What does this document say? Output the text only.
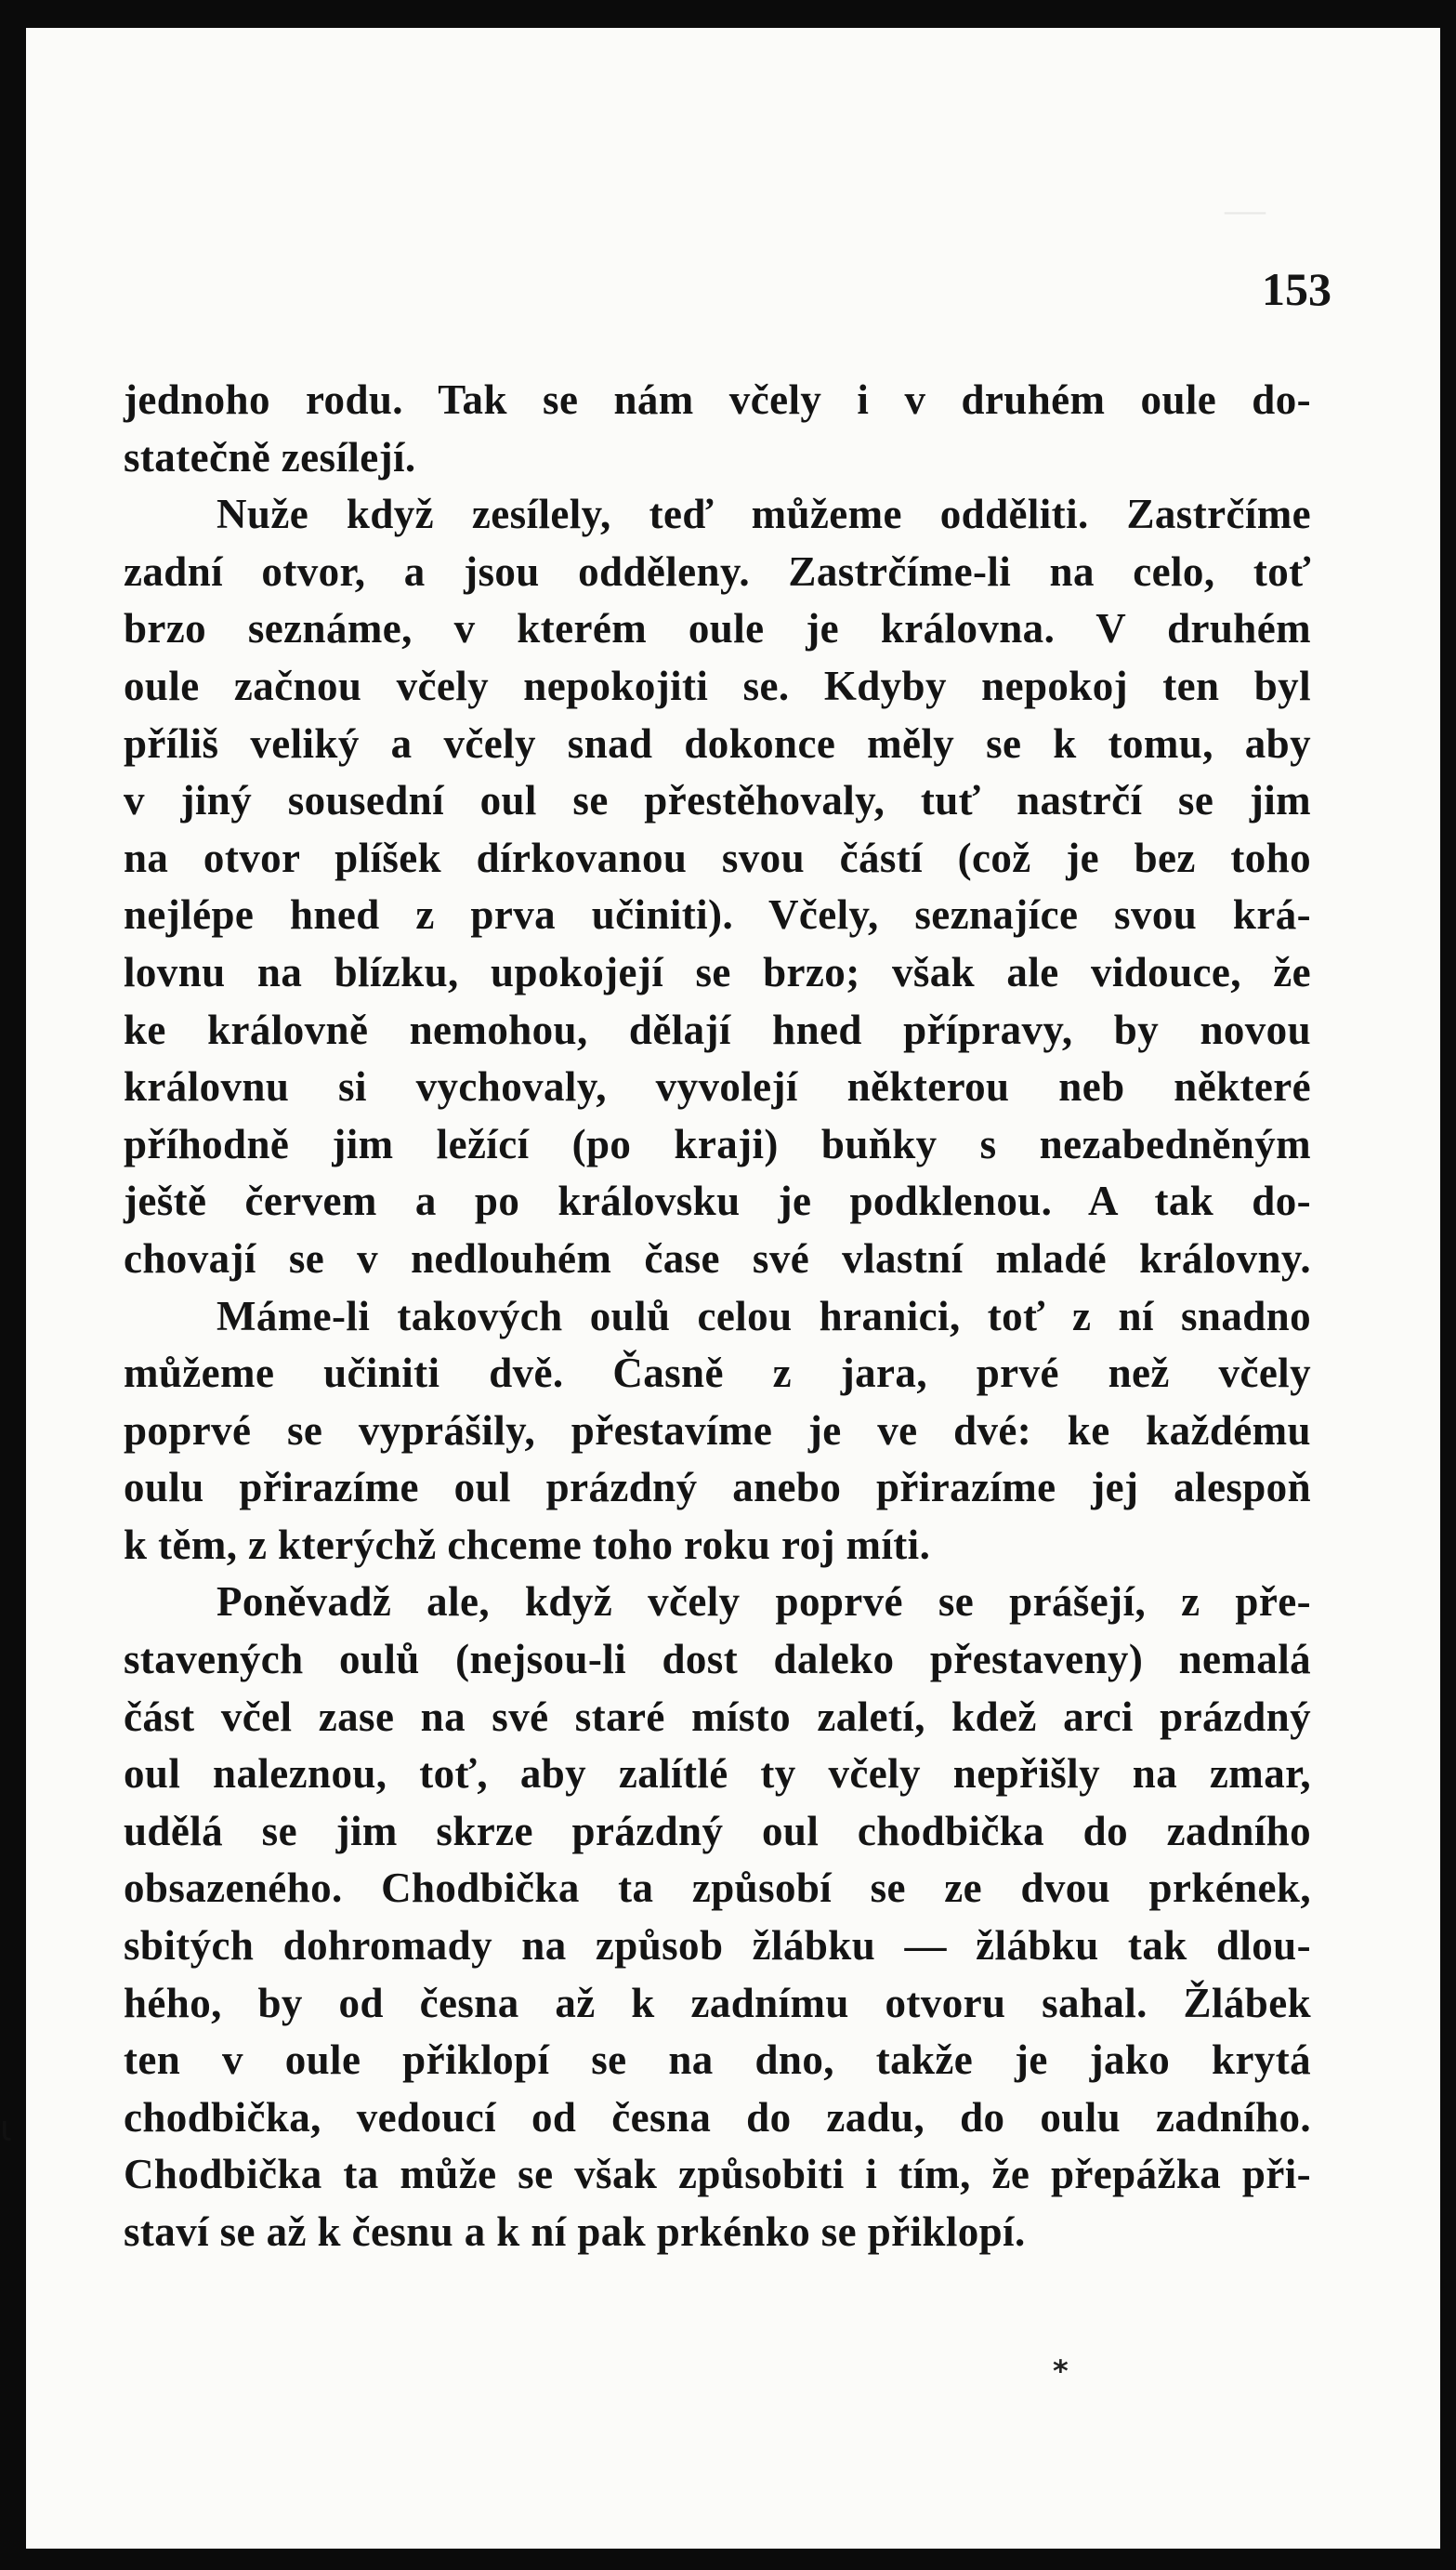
—
153
jednoho rodu. Tak se nám včely i v druhém oule do-
statečně zesílejí.
Nuže když zesílely, teď můžeme odděliti. Zastrčíme
zadní otvor, a jsou odděleny. Zastrčíme-li na celo, toť
brzo seznáme, v kterém oule je královna. V druhém
oule začnou včely nepokojiti se. Kdyby nepokoj ten byl
příliš veliký a včely snad dokonce měly se k tomu, aby
v jiný sousední oul se přestěhovaly, tuť nastrčí se jim
na otvor plíšek dírkovanou svou částí (což je bez toho
nejlépe hned z prva učiniti). Včely, seznajíce svou krá-
lovnu na blízku, upokojejí se brzo; však ale vidouce, že
ke královně nemohou, dělají hned přípravy, by novou
královnu si vychovaly, vyvolejí některou neb některé
příhodně jim ležící (po kraji) buňky s nezabedněným
ještě červem a po královsku je podklenou. A tak do-
chovají se v nedlouhém čase své vlastní mladé královny.
Máme-li takových oulů celou hranici, toť z ní snadno
můžeme učiniti dvě. Časně z jara, prvé než včely
poprvé se vyprášily, přestavíme je ve dvé: ke každému
oulu přirazíme oul prázdný anebo přirazíme jej alespoň
k těm, z kterýchž chceme toho roku roj míti.
Poněvadž ale, když včely poprvé se prášejí, z pře-
stavených oulů (nejsou-li dost daleko přestaveny) nemalá
část včel zase na své staré místo zaletí, kdež arci prázdný
oul naleznou, toť, aby zalítlé ty včely nepřišly na zmar,
udělá se jim skrze prázdný oul chodbička do zadního
obsazeného. Chodbička ta způsobí se ze dvou prkének,
sbitých dohromady na způsob žlábku — žlábku tak dlou-
hého, by od česna až k zadnímu otvoru sahal. Žlábek
ten v oule přiklopí se na dno, takže je jako krytá
chodbička, vedoucí od česna do zadu, do oulu zadního.
Chodbička ta může se však způsobiti i tím, že přepážka při-
staví se až k česnu a k ní pak prkénko se přiklopí.
*
ι
